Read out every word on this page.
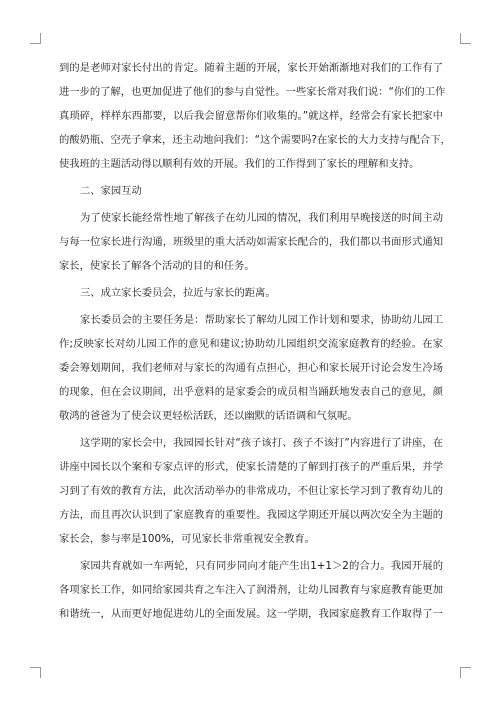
到的是老师对家长付出的肯定。随着主题的开展，家长开始渐渐地对我们的工作有了

进一步的了解，也更加促进了他们的参与自觉性。一些家长常对我们说：“你们的工作

真琐碎，样样东西都要，以后我会留意帮你们收集的。”就这样，经常会有家长把家中

的酸奶瓶、空壳子拿来，还主动地问我们：“这个需要吗?在家长的大力支持与配合下，

使我班的主题活动得以顺利有效的开展。我们的工作得到了家长的理解和支持。

二、家园互动

为了使家长能经常性地了解孩子在幼儿园的情况，我们利用早晚接送的时间主动

与每一位家长进行沟通，班级里的重大活动如需家长配合的，我们都以书面形式通知

家长，使家长了解各个活动的目的和任务。

三、成立家长委员会，拉近与家长的距离。

家长委员会的主要任务是：帮助家长了解幼儿园工作计划和要求，协助幼儿园工

作;反映家长对幼儿园工作的意见和建议;协助幼儿园组织交流家庭教育的经验。在家

委会筹划期间，我们老师对与家长的沟通有点担心，担心和家长展开讨论会发生冷场

的现象，但在会议期间，出乎意料的是家委会的成员相当踊跃地发表自己的意见，颜

敬鸿的爸爸为了使会议更轻松活跃，还以幽默的话语调和气氛呢。

这学期的家长会中，我园园长针对“孩子该打、孩子不该打”内容进行了讲座，在

讲座中园长以个案和专家点评的形式，使家长清楚的了解到打孩子的严重后果，并学

习到了有效的教育方法，此次活动举办的非常成功，不但让家长学习到了教育幼儿的

方法，而且再次认识到了家庭教育的重要性。我园这学期还开展以两次安全为主题的

家长会，参与率是100%，可见家长非常重视安全教育。

家园共育就如一车两轮，只有同步同向才能产生出1+1＞2的合力。我园开展的

各项家长工作，如同给家园共育之车注入了润滑剂，让幼儿园教育与家庭教育能更加

和谐统一，从而更好地促进幼儿的全面发展。这一学期，我园家庭教育工作取得了一
